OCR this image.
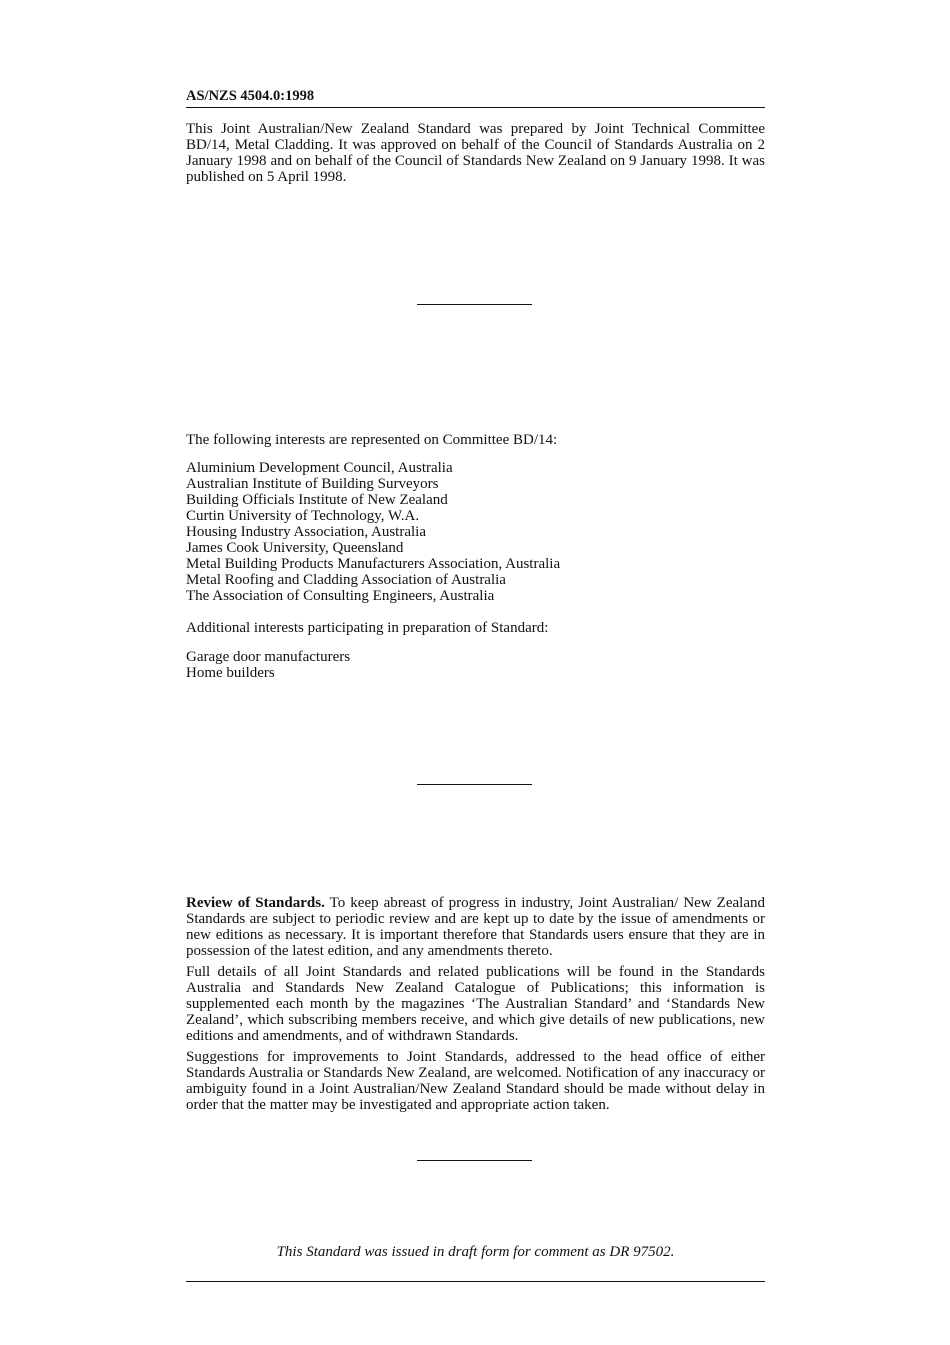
AS/NZS 4504.0:1998

This Joint Australian/New Zealand Standard was prepared by Joint Technical Committee BD/14, Metal Cladding. It was approved on behalf of the Council of Standards Australia on 2 January 1998 and on behalf of the Council of Standards New Zealand on 9 January 1998. It was published on 5 April 1998.

The following interests are represented on Committee BD/14:
Aluminium Development Council, Australia
Australian Institute of Building Surveyors
Building Officials Institute of New Zealand
Curtin University of Technology, W.A.
Housing Industry Association, Australia
James Cook University, Queensland
Metal Building Products Manufacturers Association, Australia
Metal Roofing and Cladding Association of Australia
The Association of Consulting Engineers, Australia
Additional interests participating in preparation of Standard:
Garage door manufacturers
Home builders

Review of Standards. To keep abreast of progress in industry, Joint Australian/ New Zealand Standards are subject to periodic review and are kept up to date by the issue of amendments or new editions as necessary. It is important therefore that Standards users ensure that they are in possession of the latest edition, and any amendments thereto.

Full details of all Joint Standards and related publications will be found in the Standards Australia and Standards New Zealand Catalogue of Publications; this information is supplemented each month by the magazines ‘The Australian Standard’ and ‘Standards New Zealand’, which subscribing members receive, and which give details of new publications, new editions and amendments, and of withdrawn Standards.

Suggestions for improvements to Joint Standards, addressed to the head office of either Standards Australia or Standards New Zealand, are welcomed. Notification of any inaccuracy or ambiguity found in a Joint Australian/New Zealand Standard should be made without delay in order that the matter may be investigated and appropriate action taken.

This Standard was issued in draft form for comment as DR 97502.
